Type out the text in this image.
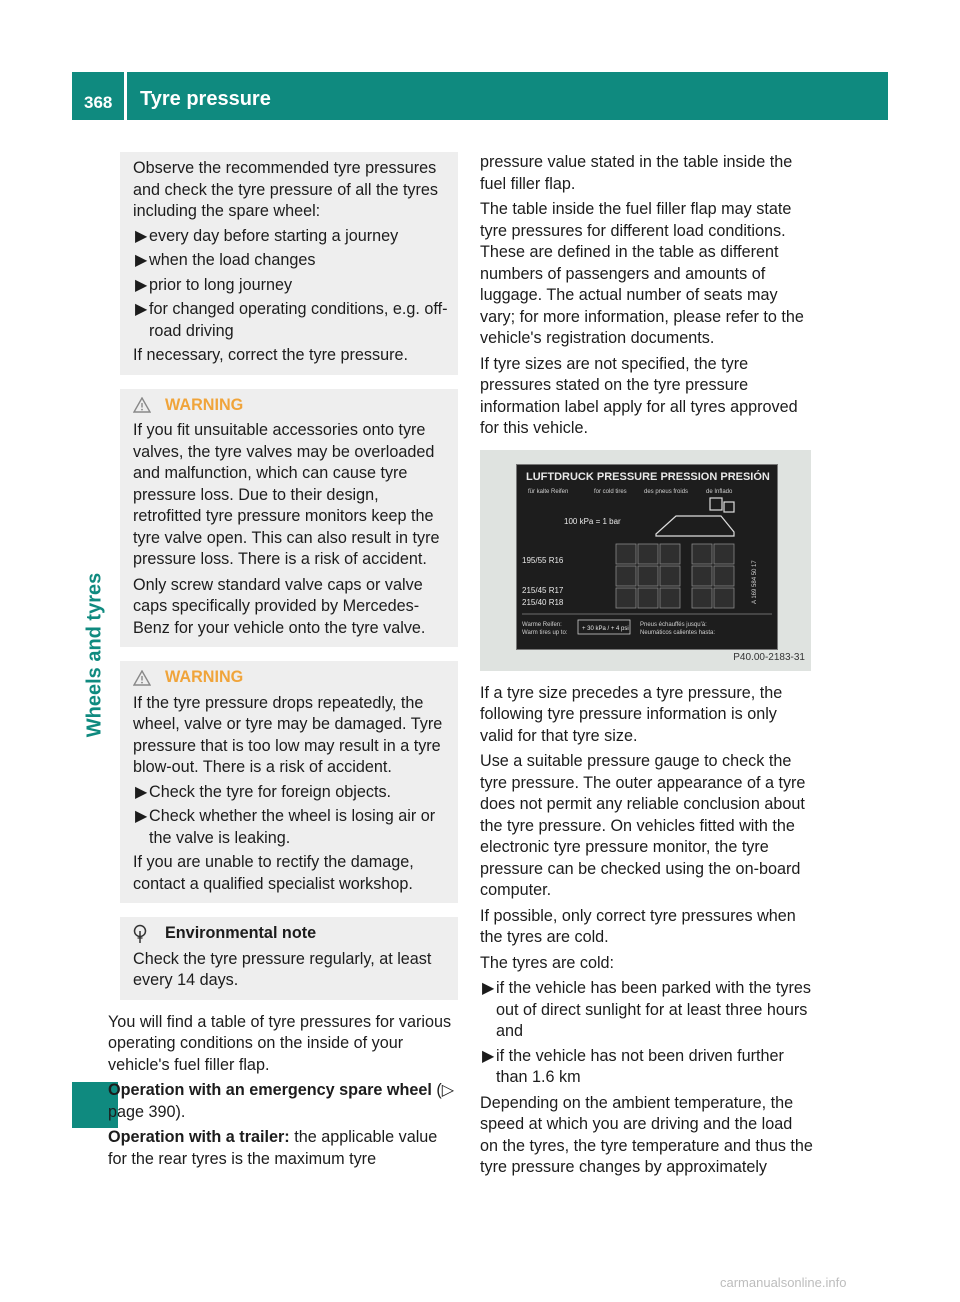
368 Tyre pressure
Wheels and tyres

Observe the recommended tyre pressures and check the tyre pressure of all the tyres including the spare wheel:

▶ every day before starting a journey
▶ when the load changes
▶ prior to long journey
▶ for changed operating conditions, e.g. off-road driving

If necessary, correct the tyre pressure.

WARNING

If you fit unsuitable accessories onto tyre valves, the tyre valves may be overloaded and malfunction, which can cause tyre pressure loss. Due to their design, retrofitted tyre pressure monitors keep the tyre valve open. This can also result in tyre pressure loss. There is a risk of accident.

Only screw standard valve caps or valve caps specifically provided by Mercedes-Benz for your vehicle onto the tyre valve.

WARNING

If the tyre pressure drops repeatedly, the wheel, valve or tyre may be damaged. Tyre pressure that is too low may result in a tyre blow-out. There is a risk of accident.

▶ Check the tyre for foreign objects.
▶ Check whether the wheel is losing air or the valve is leaking.

If you are unable to rectify the damage, contact a qualified specialist workshop.

Environmental note

Check the tyre pressure regularly, at least every 14 days.

You will find a table of tyre pressures for various operating conditions on the inside of your vehicle's fuel filler flap.

Operation with an emergency spare wheel (▷ page 390).

Operation with a trailer: the applicable value for the rear tyres is the maximum tyre

pressure value stated in the table inside the fuel filler flap.

The table inside the fuel filler flap may state tyre pressures for different load conditions. These are defined in the table as different numbers of passengers and amounts of luggage. The actual number of seats may vary; for more information, please refer to the vehicle's registration documents.

If tyre sizes are not specified, the tyre pressures stated on the tyre pressure information label apply for all tyres approved for this vehicle.

LUFTDRUCK PRESSURE PRESSION PRESIÓN
für kalte Reifen	for cold tires	des pneus froids	de Inflado
100 kPa = 1 bar
195/55 R16
215/45 R17
215/40 R18	A 169 584 50 17
Warme Reifen:
Warm tires up to:
+ 30 kPa / + 4 psi
Pneus échauffés jusqu'à:
Neumáticos calientes hasta:
P40.00-2183-31

If a tyre size precedes a tyre pressure, the following tyre pressure information is only valid for that tyre size.

Use a suitable pressure gauge to check the tyre pressure. The outer appearance of a tyre does not permit any reliable conclusion about the tyre pressure. On vehicles fitted with the electronic tyre pressure monitor, the tyre pressure can be checked using the on-board computer.

If possible, only correct tyre pressures when the tyres are cold.

The tyres are cold:

▶ if the vehicle has been parked with the tyres out of direct sunlight for at least three hours and
▶ if the vehicle has not been driven further than 1.6 km

Depending on the ambient temperature, the speed at which you are driving and the load on the tyres, the tyre temperature and thus the tyre pressure changes by approximately

carmanualsonline.info
